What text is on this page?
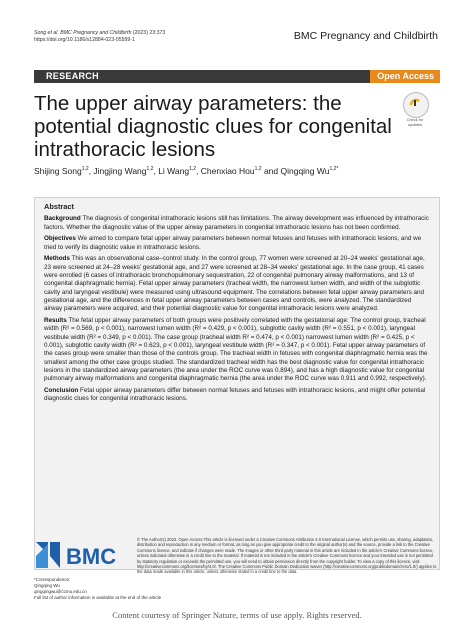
Song et al. BMC Pregnancy and Childbirth (2023) 23:373
https://doi.org/10.1186/s12884-023-05599-1	BMC Pregnancy and Childbirth
RESEARCH	Open Access
The upper airway parameters: the potential diagnostic clues for congenital intrathoracic lesions
Check for
updates
Shijing Song$^{1,2}$, Jingjing Wang$^{1,2}$, Li Wang$^{1,2}$, Chenxiao Hou$^{1,2}$ and Qingqing $Wu^{1,2*}$
Abstract

Background The diagnosis of congenital intrathoracic lesions still has limitations. The airway development was influenced by intrathoracic factors. Whether the diagnostic value of the upper airway parameters in congenital intrathoracic lesions has not been confirmed.

Objectives We aimed to compare fetal upper airway parameters between normal fetuses and fetuses with intrathoracic lesions, and we tried to verify its diagnostic value in intrathoracic lesions.

Methods This was an observational case–control study. In the control group, 77 women were screened at 20–24 weeks' gestational age, 23 were screened at 24–28 weeks' gestational age, and 27 were screened at 28–34 weeks' gestational age. In the case group, 41 cases were enrolled (6 cases of intrathoracic bronchopulmonary sequestration, 22 of congenital pulmonary airway malformations, and 13 of congenital diaphragmatic hernia). Fetal upper airway parameters (tracheal width, the narrowest lumen width, and width of the subglottic cavity and laryngeal vestibule) were measured using ultrasound equipment. The correlations between fetal upper airway parameters and gestational age, and the differences in fetal upper airway parameters between cases and controls, were analyzed. The standardized airway parameters were acquired, and their potential diagnostic value for congenital intrathoracic lesions were analyzed.

Results The fetal upper airway parameters of both groups were positively correlated with the gestational age: The control group, tracheal width (R² = 0.569, p < 0.001), narrowest lumen width (R² = 0.429, p < 0.001), subglottic cavity width (R² = 0.551, p < 0.001), laryngeal vestibule width (R² = 0.349, p < 0.001). The case group (tracheal width R² = 0.474, p < 0.001) narrowest lumen width (R² = 0.425, p < 0.001), subglottic cavity width (R² = 0.623, p < 0.001), laryngeal vestibule width (R² = 0.347, p < 0.001). Fetal upper airway parameters of the cases group were smaller than those of the controls group. The tracheal width in fetuses with congenital diaphragmatic hernia was the smallest among the other case groups studied. The standardized tracheal width has the best diagnostic value for congenital intrathoracic lesions in the standardized airway parameters (the area under the ROC curve was 0.894), and has a high diagnostic value for congenital pulmonary airway malformations and congenital diaphragmatic hernia (the area under the ROC curve was 0.911 and 0.992, respectively).

Conclusion Fetal upper airway parameters differ between normal fetuses and fetuses with intrathoracic lesions, and might offer potential diagnostic clues for congenital intrathoracic lesions.

BMC
© The Author(s) 2023. Open Access This article is licensed under a Creative Commons Attribution 4.0 International License, which permits use, sharing, adaptation, distribution and reproduction in any medium or format, as long as you give appropriate credit to the original author(s) and the source, provide a link to the Creative Commons licence, and indicate if changes were made. The images or other third party material in this article are included in the article's Creative Commons licence, unless indicated otherwise in a credit line to the material. If material is not included in the article's Creative Commons licence and your intended use is not permitted by statutory regulation or exceeds the permitted use, you will need to obtain permission directly from the copyright holder. To view a copy of this licence, visit http://creativecommons.org/licenses/by/4.0/. The Creative Commons Public Domain Dedication waiver (http://creativecommons.org/publicdomain/zero/1.0/) applies to the data made available in this article, unless otherwise stated in a credit line to the data.
*Correspondence:
Qingqing Wu
qingqingwu@ccmu.edu.cn
Full list of author information is available at the end of the article
Content courtesy of Springer Nature, terms of use apply. Rights reserved.
